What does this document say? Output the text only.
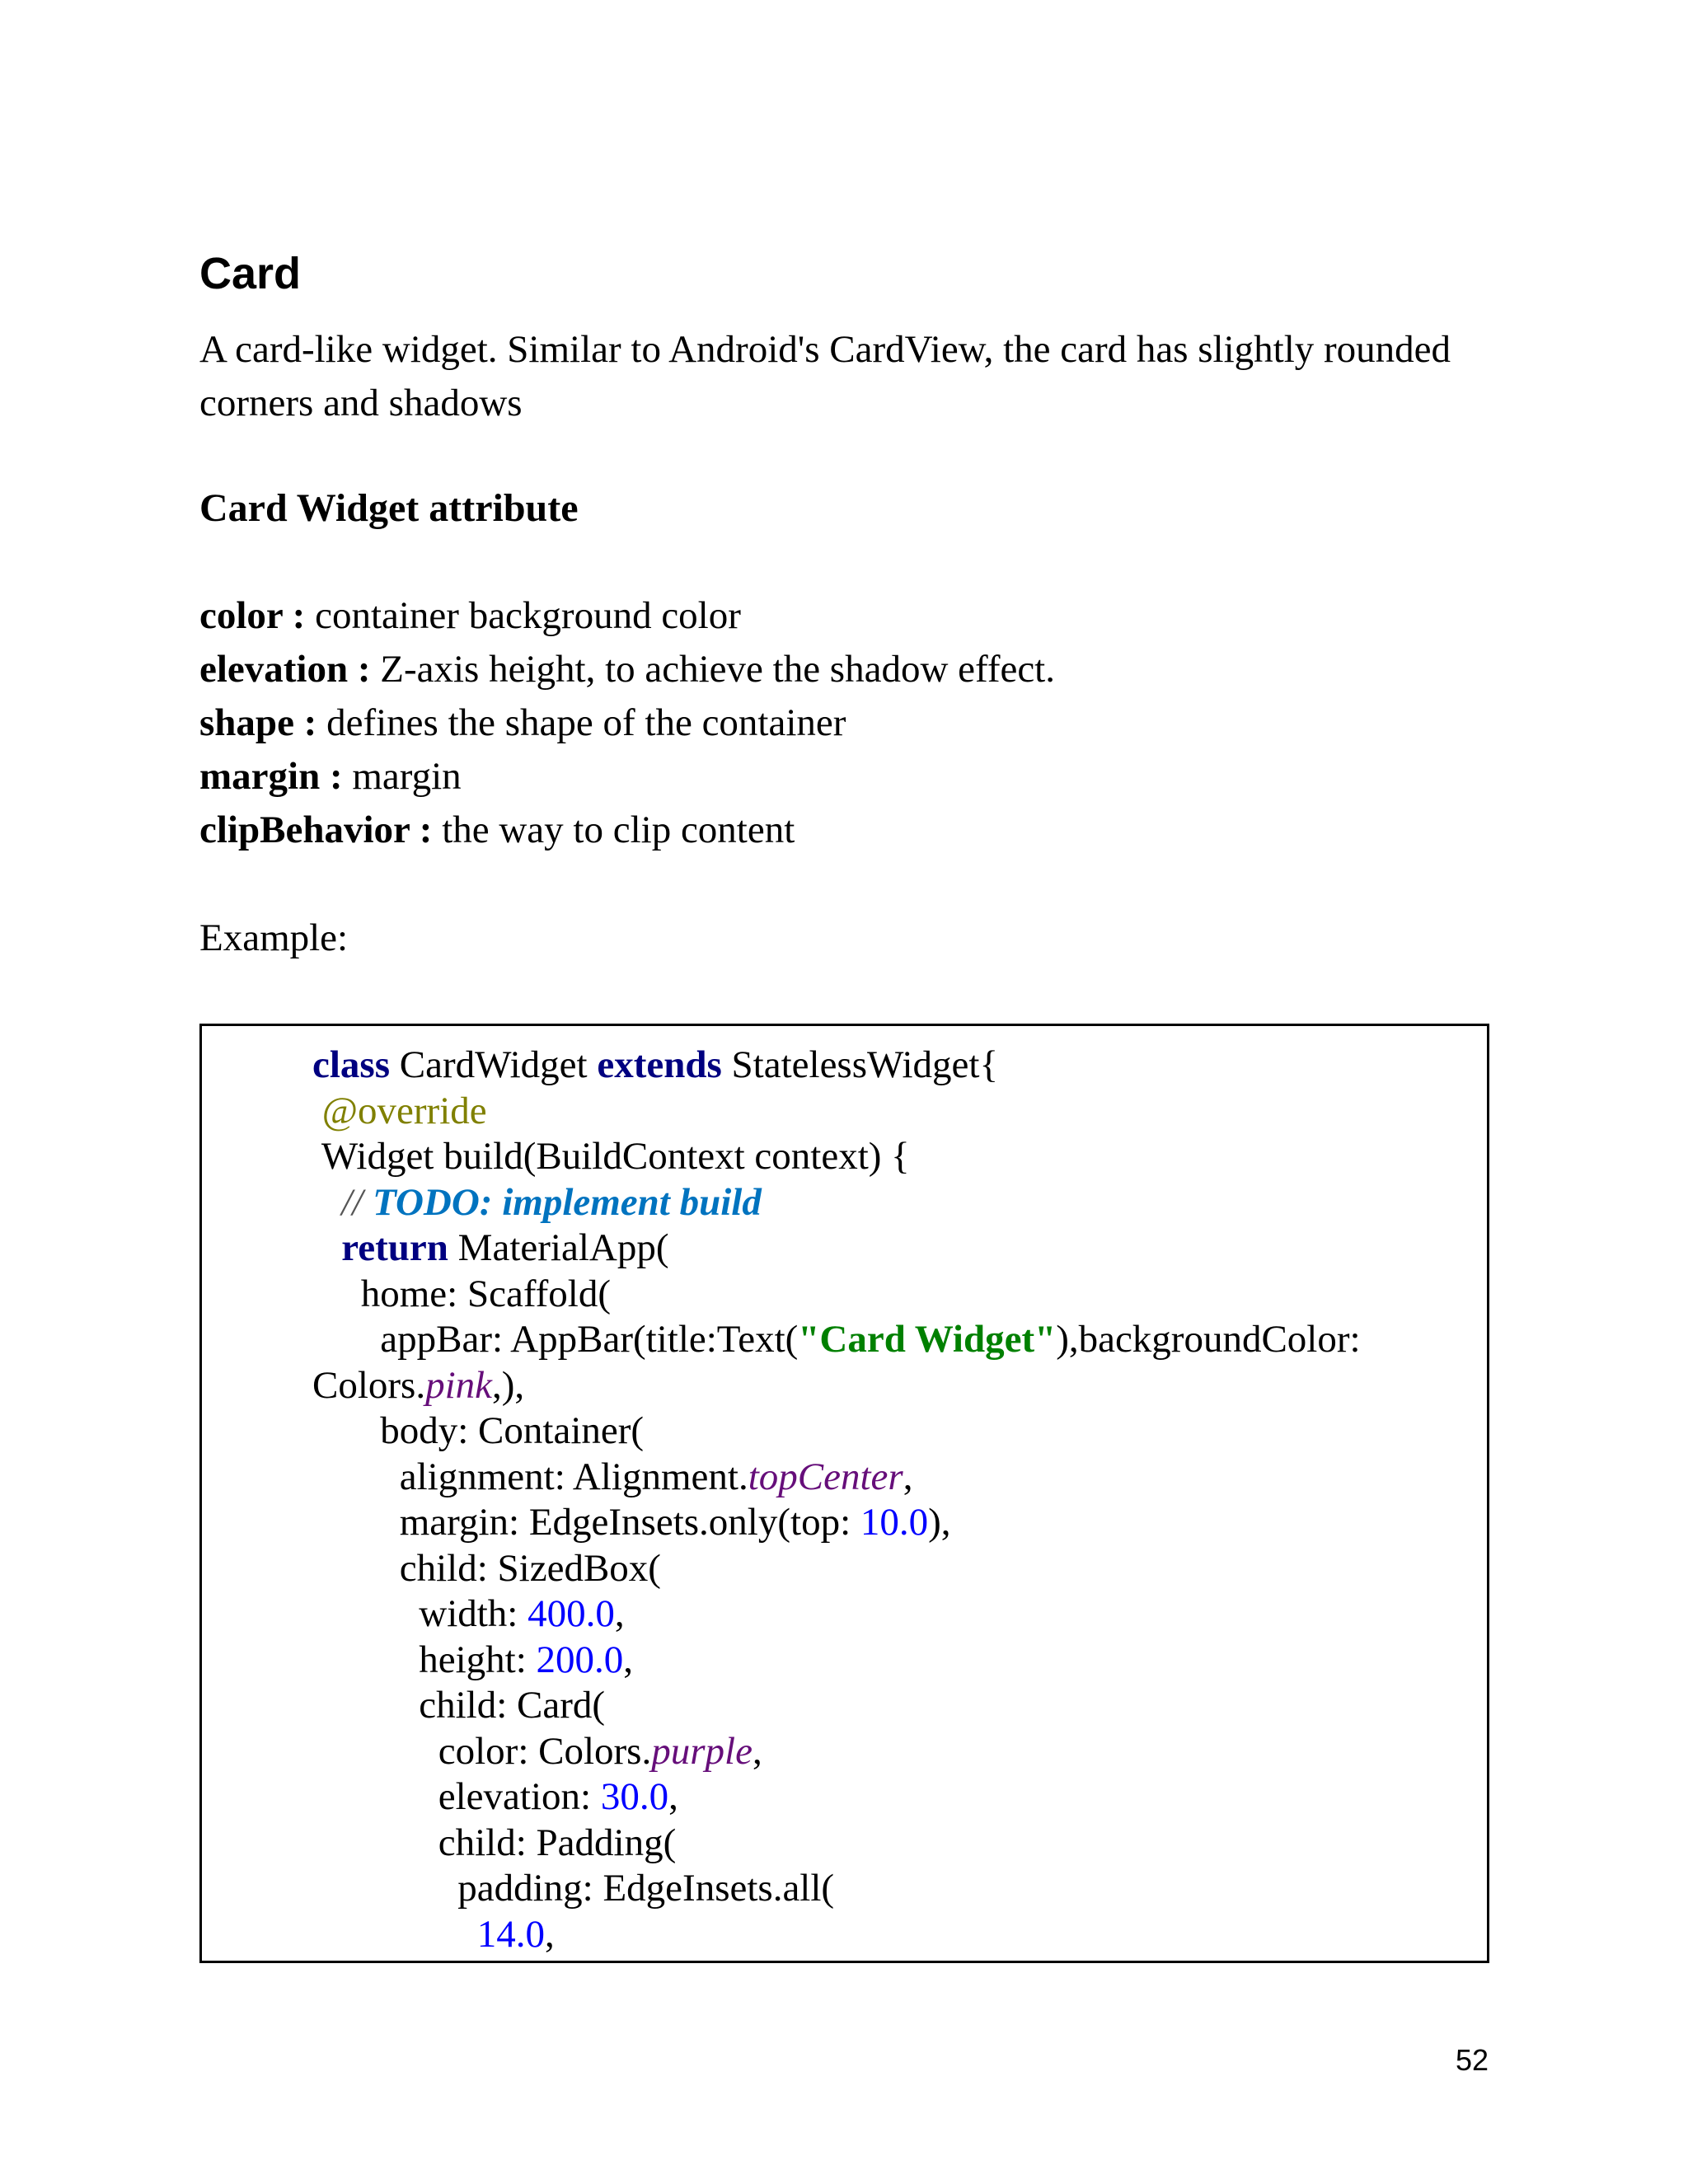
Card

A card-like widget. Similar to Android's CardView, the card has slightly rounded corners and shadows

Card Widget attribute
color : container background color
elevation : Z-axis height, to achieve the shadow effect.
shape : defines the shape of the container
margin : margin
clipBehavior : the way to clip content

Example:

class CardWidget extends StatelessWidget{
@override
Widget build(BuildContext context) {
// TODO: implement build
return MaterialApp(
home: Scaffold(
appBar: AppBar(title:Text("Card Widget"),backgroundColor:
Colors.pink,),
body: Container(
alignment: Alignment.topCenter,
margin: EdgeInsets.only(top: 10.0),
child: SizedBox(
width: 400.0,
height: 200.0,
child: Card(
color: Colors.purple,
elevation: 30.0,
child: Padding(
padding: EdgeInsets.all(
14.0,
52
